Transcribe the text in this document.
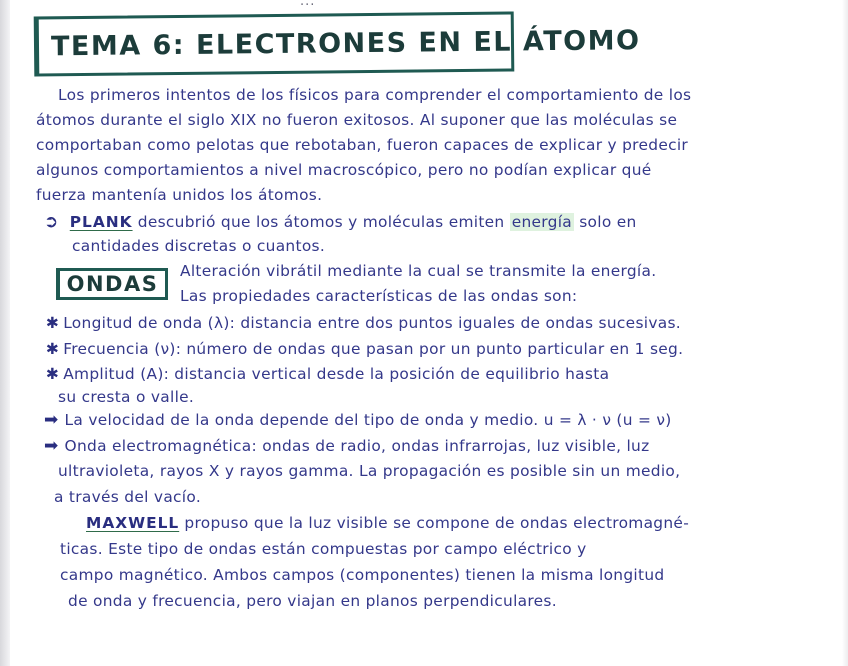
...
TEMA 6: ELECTRONES EN EL ÁTOMO
Los primeros intentos de los físicos para comprender el comportamiento de los
átomos durante el siglo XIX no fueron exitosos. Al suponer que las moléculas se
comportaban como pelotas que rebotaban, fueron capaces de explicar y predecir
algunos comportamientos a nivel macroscópico, pero no podían explicar qué
fuerza mantenía unidos los átomos.
➲ PLANK descubrió que los átomos y moléculas emiten energía solo en
cantidades discretas o cuantos.
ONDAS
Alteración vibrátil mediante la cual se transmite la energía.
Las propiedades características de las ondas son:
✱ Longitud de onda (λ): distancia entre dos puntos iguales de ondas sucesivas.
✱ Frecuencia (ν): número de ondas que pasan por un punto particular en 1 seg.
✱ Amplitud (A): distancia vertical desde la posición de equilibrio hasta
su cresta o valle.
➡ La velocidad de la onda depende del tipo de onda y medio. u = λ · ν (u = ν)
➡ Onda electromagnética: ondas de radio, ondas infrarrojas, luz visible, luz
ultravioleta, rayos X y rayos gamma. La propagación es posible sin un medio,
a través del vacío.
MAXWELL propuso que la luz visible se compone de ondas electromagné-
ticas. Este tipo de ondas están compuestas por campo eléctrico y
campo magnético. Ambos campos (componentes) tienen la misma longitud
de onda y frecuencia, pero viajan en planos perpendiculares.
